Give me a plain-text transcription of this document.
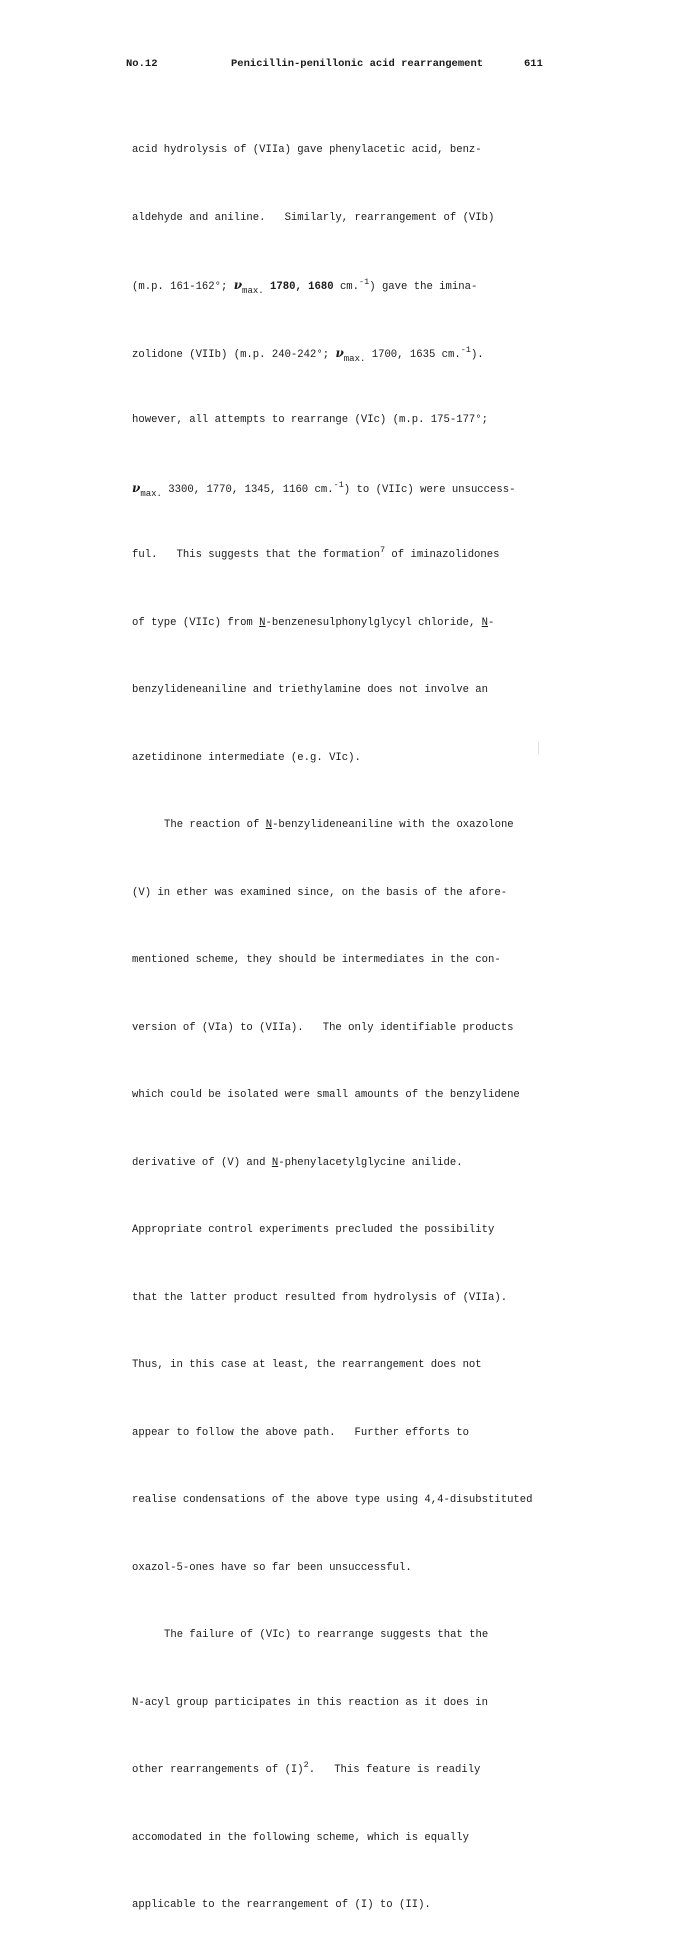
No.12	Penicillin-penillonic acid rearrangement	611

acid hydrolysis of (VIIa) gave phenylacetic acid, benz-

aldehyde and aniline.   Similarly, rearrangement of (VIb)

(m.p. 161-162°; $\nu_{max.}$ 1780, 1680 cm.$^{-1}$) gave the imina-

zolidone (VIIb) (m.p. 240-242°; $\nu_{max.}$ 1700, 1635 cm.$^{-1}$).

however, all attempts to rearrange (VIc) (m.p. 175-177°;

$\nu_{max.}$ 3300, 1770, 1345, 1160 cm.$^{-1}$) to (VIIc) were unsuccess-

ful.   This suggests that the formation$^7$ of iminazolidones

of type (VIIc) from N-benzenesulphonylglycyl chloride, N-

benzylideneaniline and triethylamine does not involve an

azetidinone intermediate (e.g. VIc).

The reaction of N-benzylideneaniline with the oxazolone

(V) in ether was examined since, on the basis of the afore-

mentioned scheme, they should be intermediates in the con-

version of (VIa) to (VIIa).   The only identifiable products

which could be isolated were small amounts of the benzylidene

derivative of (V) and N-phenylacetylglycine anilide.

Appropriate control experiments precluded the possibility

that the latter product resulted from hydrolysis of (VIIa).

Thus, in this case at least, the rearrangement does not

appear to follow the above path.   Further efforts to

realise condensations of the above type using 4,4-disubstituted

oxazol-5-ones have so far been unsuccessful.

The failure of (VIc) to rearrange suggests that the

N-acyl group participates in this reaction as it does in

other rearrangements of $(I)^2$.   This feature is readily

accomodated in the following scheme, which is equally

applicable to the rearrangement of (I) to (II).
